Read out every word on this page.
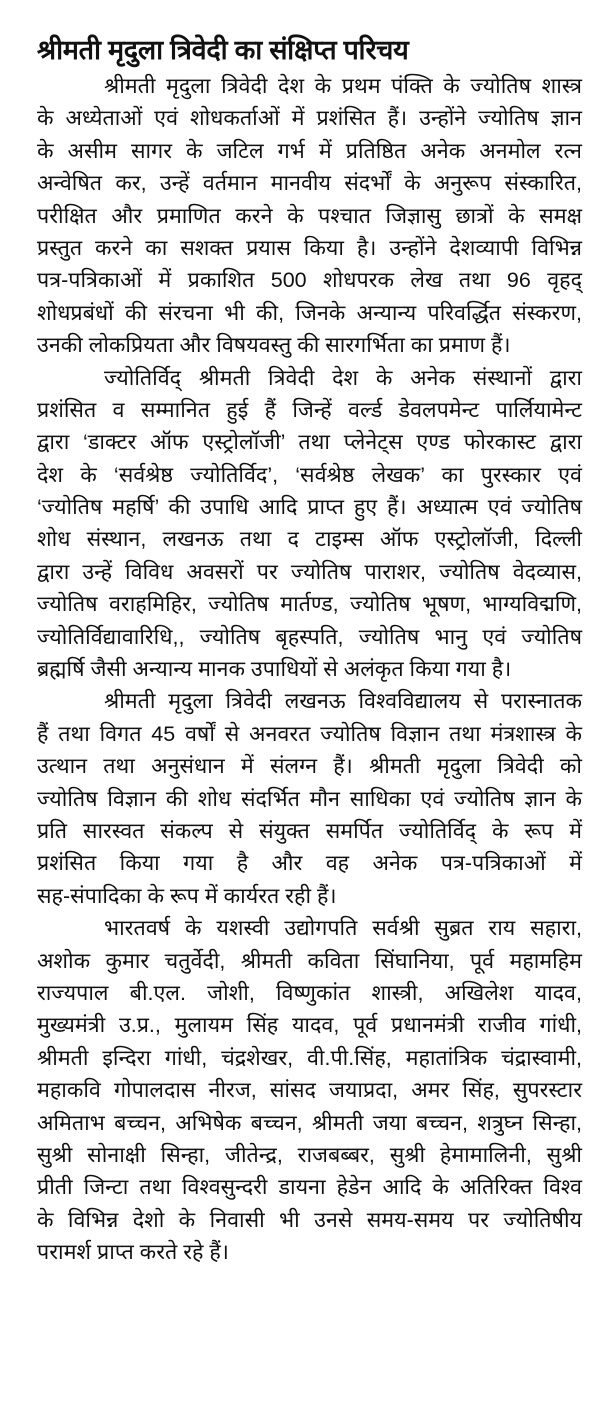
श्रीमती मृदुला त्रिवेदी का संक्षिप्त परिचय
श्रीमती मृदुला त्रिवेदी देश के प्रथम पंक्ति के ज्योतिष शास्त्र
के अध्येताओं एवं शोधकर्ताओं में प्रशंसित हैं। उन्होंने ज्योतिष ज्ञान
के असीम सागर के जटिल गर्भ में प्रतिष्ठित अनेक अनमोल रत्न
अन्वेषित कर, उन्हें वर्तमान मानवीय संदर्भों के अनुरूप संस्कारित,
परीक्षित और प्रमाणित करने के पश्चात जिज्ञासु छात्रों के समक्ष
प्रस्तुत करने का सशक्त प्रयास किया है। उन्होंने देशव्यापी विभिन्न
पत्र-पत्रिकाओं में प्रकाशित 500 शोधपरक लेख तथा 96 वृहद्
शोधप्रबंधों की संरचना भी की, जिनके अन्यान्य परिवर्द्धित संस्करण,
उनकी लोकप्रियता और विषयवस्तु की सारगर्भिता का प्रमाण हैं।
ज्योतिर्विद् श्रीमती त्रिवेदी देश के अनेक संस्थानों द्वारा
प्रशंसित व सम्मानित हुई हैं जिन्हें वर्ल्ड डेवलपमेन्ट पार्लियामेन्ट
द्वारा ‘डाक्टर ऑफ एस्ट्रोलॉजी’ तथा प्लेनेट्स एण्ड फोरकास्ट द्वारा
देश के ‘सर्वश्रेष्ठ ज्योतिर्विद’, ‘सर्वश्रेष्ठ लेखक’ का पुरस्कार एवं
‘ज्योतिष महर्षि’ की उपाधि आदि प्राप्त हुए हैं। अध्यात्म एवं ज्योतिष
शोध संस्थान, लखनऊ तथा द टाइम्स ऑफ एस्ट्रोलॉजी, दिल्ली
द्वारा उन्हें विविध अवसरों पर ज्योतिष पाराशर, ज्योतिष वेदव्यास,
ज्योतिष वराहमिहिर, ज्योतिष मार्तण्ड, ज्योतिष भूषण, भाग्यविद्मणि,
ज्योतिर्विद्यावारिधि,, ज्योतिष बृहस्पति, ज्योतिष भानु एवं ज्योतिष
ब्रह्मर्षि जैसी अन्यान्य मानक उपाधियों से अलंकृत किया गया है।
श्रीमती मृदुला त्रिवेदी लखनऊ विश्वविद्यालय से परास्नातक
हैं तथा विगत 45 वर्षों से अनवरत ज्योतिष विज्ञान तथा मंत्रशास्त्र के
उत्थान तथा अनुसंधान में संलग्न हैं। श्रीमती मृदुला त्रिवेदी को
ज्योतिष विज्ञान की शोध संदर्भित मौन साधिका एवं ज्योतिष ज्ञान के
प्रति सारस्वत संकल्प से संयुक्त समर्पित ज्योतिर्विद् के रूप में
प्रशंसित किया गया है और वह अनेक पत्र-पत्रिकाओं में
सह-संपादिका के रूप में कार्यरत रही हैं।
भारतवर्ष के यशस्वी उद्योगपति सर्वश्री सुब्रत राय सहारा,
अशोक कुमार चतुर्वेदी, श्रीमती कविता सिंघानिया, पूर्व महामहिम
राज्यपाल बी.एल. जोशी, विष्णुकांत शास्त्री, अखिलेश यादव,
मुख्यमंत्री उ.प्र., मुलायम सिंह यादव, पूर्व प्रधानमंत्री राजीव गांधी,
श्रीमती इन्दिरा गांधी, चंद्रशेखर, वी.पी.सिंह, महातांत्रिक चंद्रास्वामी,
महाकवि गोपालदास नीरज, सांसद जयाप्रदा, अमर सिंह, सुपरस्टार
अमिताभ बच्चन, अभिषेक बच्चन, श्रीमती जया बच्चन, शत्रुघ्न सिन्हा,
सुश्री सोनाक्षी सिन्हा, जीतेन्द्र, राजबब्बर, सुश्री हेमामालिनी, सुश्री
प्रीती जिन्टा तथा विश्वसुन्दरी डायना हेडेन आदि के अतिरिक्त विश्व
के विभिन्न देशो के निवासी भी उनसे समय-समय पर ज्योतिषीय
परामर्श प्राप्त करते रहे हैं।
